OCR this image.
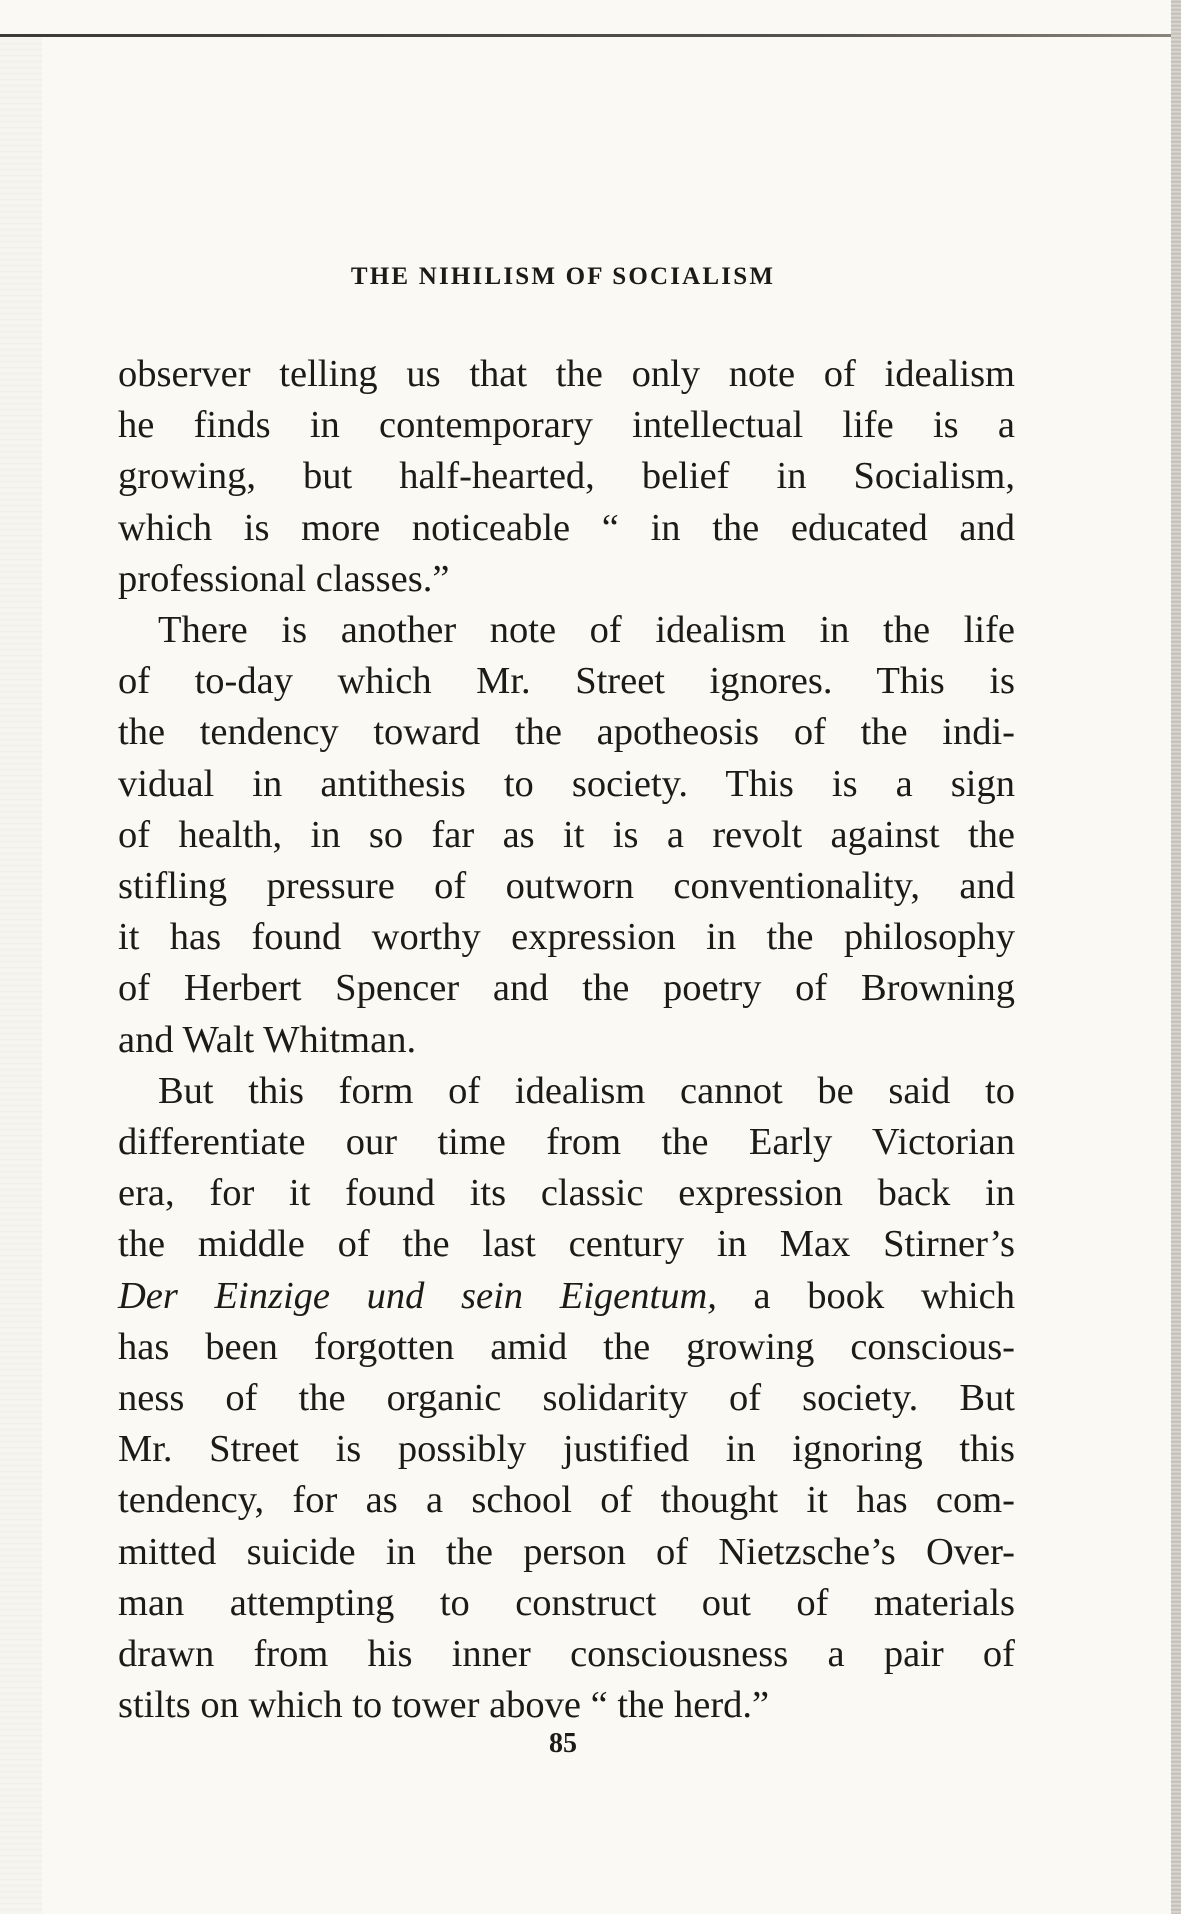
THE NIHILISM OF SOCIALISM
observer telling us that the only note of idealism
he finds in contemporary intellectual life is a
growing, but half-hearted, belief in Socialism,
which is more noticeable “ in the educated and
professional classes.”
There is another note of idealism in the life
of to-day which Mr. Street ignores. This is
the tendency toward the apotheosis of the indi-
vidual in antithesis to society. This is a sign
of health, in so far as it is a revolt against the
stifling pressure of outworn conventionality, and
it has found worthy expression in the philosophy
of Herbert Spencer and the poetry of Browning
and Walt Whitman.
But this form of idealism cannot be said to
differentiate our time from the Early Victorian
era, for it found its classic expression back in
the middle of the last century in Max Stirner’s
Der Einzige und sein Eigentum, a book which
has been forgotten amid the growing conscious-
ness of the organic solidarity of society. But
Mr. Street is possibly justified in ignoring this
tendency, for as a school of thought it has com-
mitted suicide in the person of Nietzsche’s Over-
man attempting to construct out of materials
drawn from his inner consciousness a pair of
stilts on which to tower above “ the herd.”
85
